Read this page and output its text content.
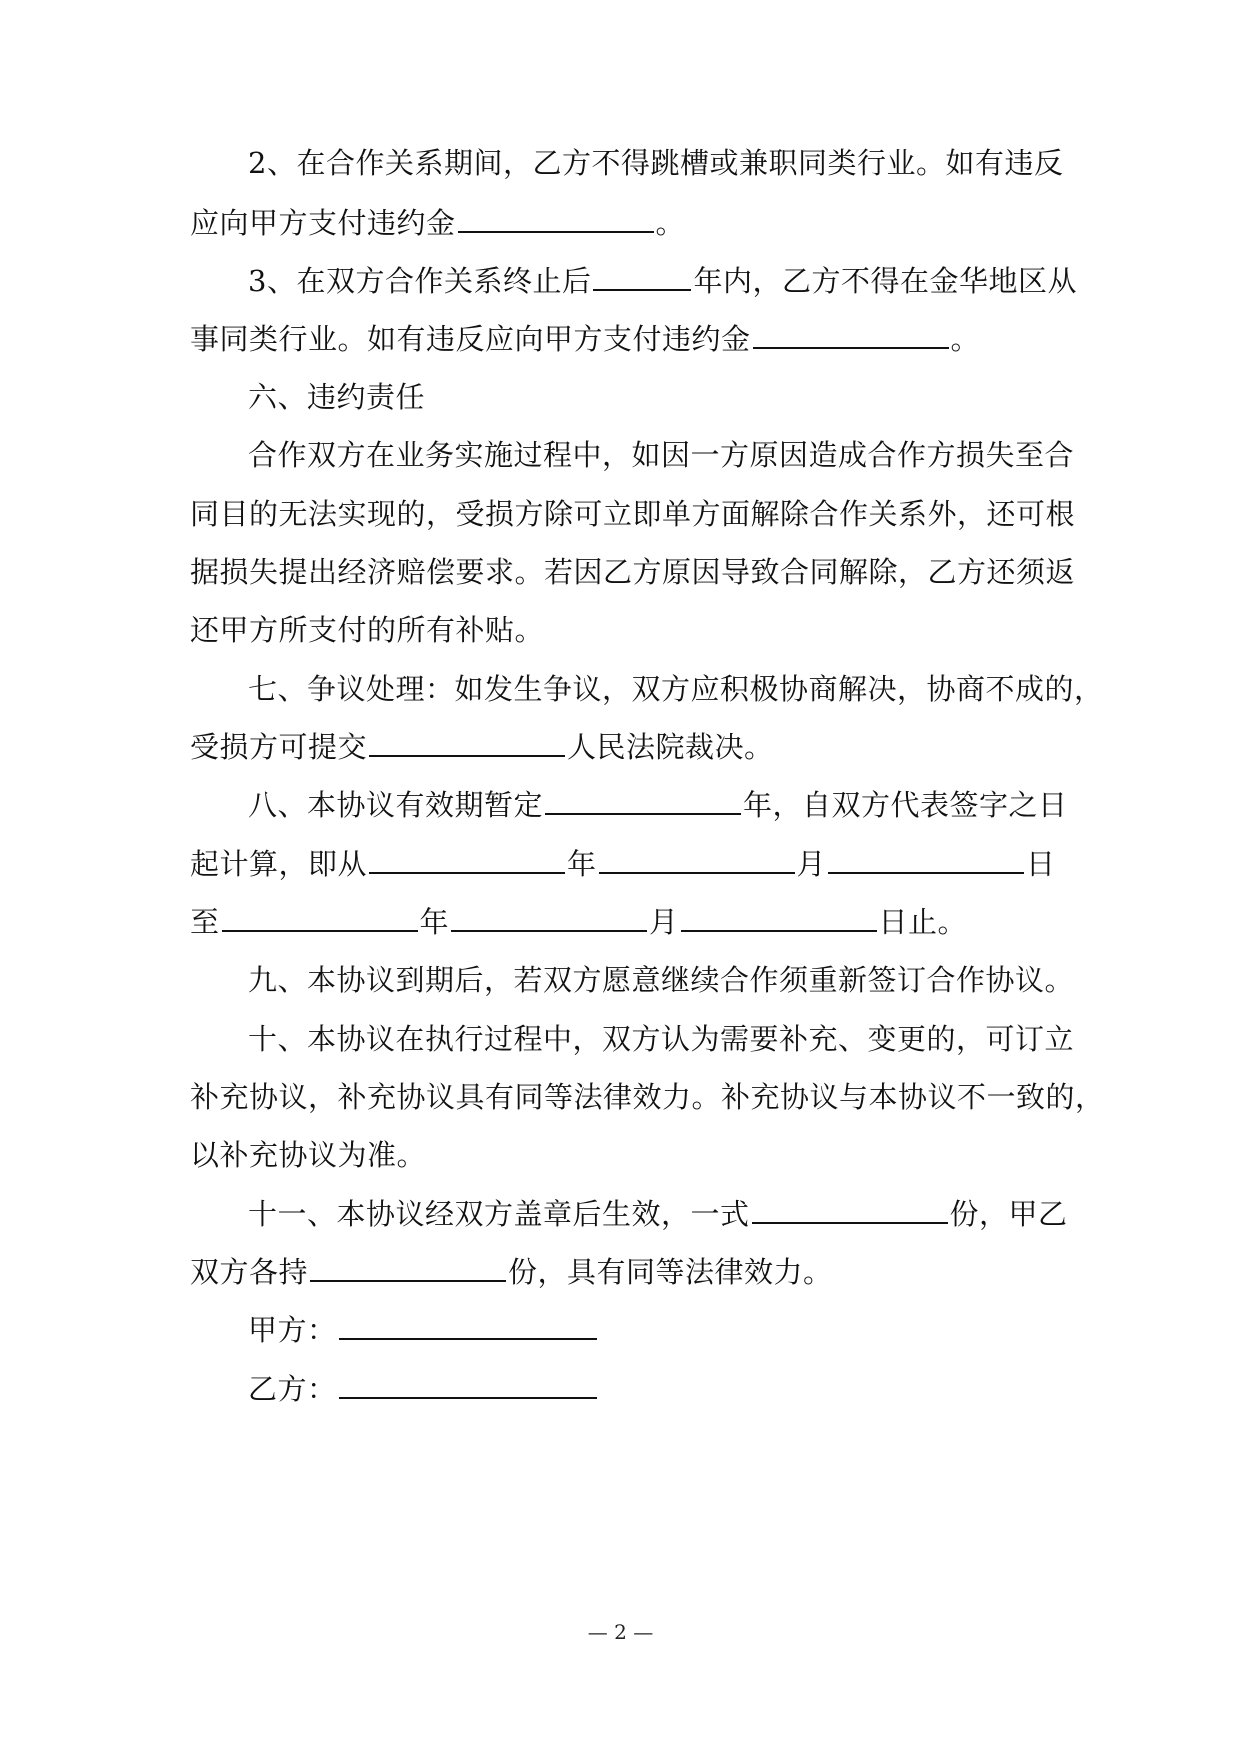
2、在合作关系期间，乙方不得跳槽或兼职同类行业。如有违反
应向甲方支付违约金	。
3、在双方合作关系终止后	年内，乙方不得在金华地区从
事同类行业。如有违反应向甲方支付违约金	。
六、违约责任
合作双方在业务实施过程中，如因一方原因造成合作方损失至合
同目的无法实现的，受损方除可立即单方面解除合作关系外，还可根
据损失提出经济赔偿要求。若因乙方原因导致合同解除，乙方还须返
还甲方所支付的所有补贴。
七、争议处理：如发生争议，双方应积极协商解决，协商不成的，
受损方可提交	人民法院裁决。
八、本协议有效期暂定	年，自双方代表签字之日
起计算，即从	年	月	日
至	年	月	日止。
九、本协议到期后，若双方愿意继续合作须重新签订合作协议。
十、本协议在执行过程中，双方认为需要补充、变更的，可订立
补充协议，补充协议具有同等法律效力。补充协议与本协议不一致的，
以补充协议为准。
十一、本协议经双方盖章后生效，一式	份，甲乙
双方各持	份，具有同等法律效力。
甲方：
乙方：
— 2 —
